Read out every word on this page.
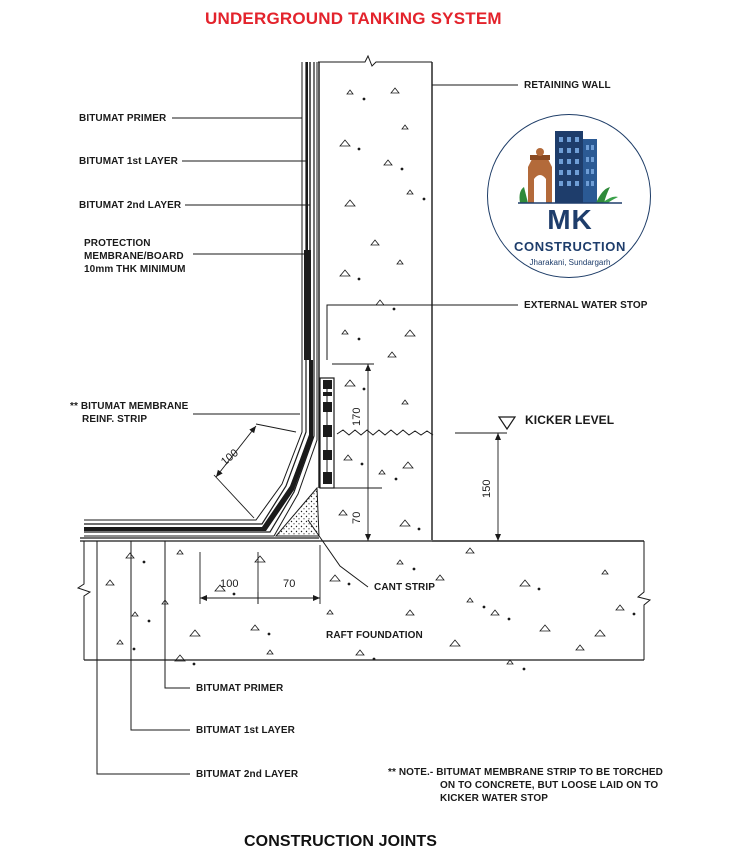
UNDERGROUND TANKING SYSTEM
CONSTRUCTION JOINTS
BITUMAT PRIMER
BITUMAT 1st LAYER
BITUMAT 2nd LAYER
PROTECTION
MEMBRANE/BOARD
10mm THK MINIMUM
** BITUMAT MEMBRANE
REINF. STRIP
RETAINING WALL
EXTERNAL WATER STOP
KICKER LEVEL
CANT STRIP
RAFT FOUNDATION
BITUMAT PRIMER
BITUMAT 1st LAYER
BITUMAT 2nd LAYER	** NOTE.- BITUMAT MEMBRANE STRIP TO BE TORCHED
ON TO CONCRETE, BUT LOOSE LAID ON TO
KICKER WATER STOP
170
70
150
100
100	70
MK
CONSTRUCTION
Jharakani, Sundargarh
